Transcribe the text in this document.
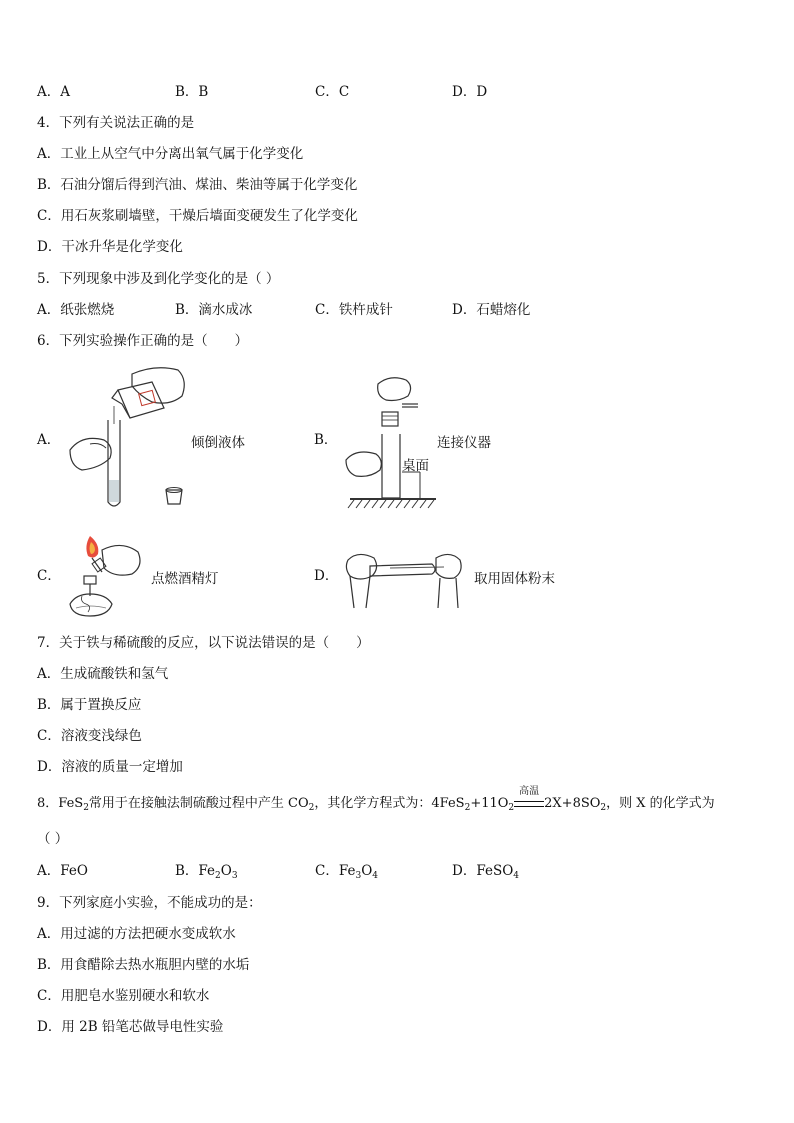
A．A	B．B	C．C	D．D
4．下列有关说法正确的是
A．工业上从空气中分离出氧气属于化学变化
B．石油分馏后得到汽油、煤油、柴油等属于化学变化
C．用石灰浆刷墙壁，干燥后墙面变硬发生了化学变化
D．干冰升华是化学变化
5．下列现象中涉及到化学变化的是（ ）
A．纸张燃烧	B．滴水成冰	C．铁杵成针	D．石蜡熔化
6．下列实验操作正确的是（　　）
A．	倾倒液体	B．
桌面
连接仪器
C．	点燃酒精灯	D．	取用固体粉末
7．关于铁与稀硫酸的反应，以下说法错误的是（　　）
A．生成硫酸铁和氢气
B．属于置换反应
C．溶液变浅绿色
D．溶液的质量一定增加
8．FeS$_2$常用于在接触法制硫酸过程中产生 $CO_2$，其化学方程式为：$4FeS_2+11O_2$
高温
$2X+8SO_2$，则 X 的化学式为
（ ）
A．FeO	B．$Fe_2O_3$	C．$Fe_3O_4$	D．FeSO$_4$
9．下列家庭小实验，不能成功的是：
A．用过滤的方法把硬水变成软水
B．用食醋除去热水瓶胆内壁的水垢
C．用肥皂水鉴别硬水和软水
D．用 2B 铅笔芯做导电性实验
